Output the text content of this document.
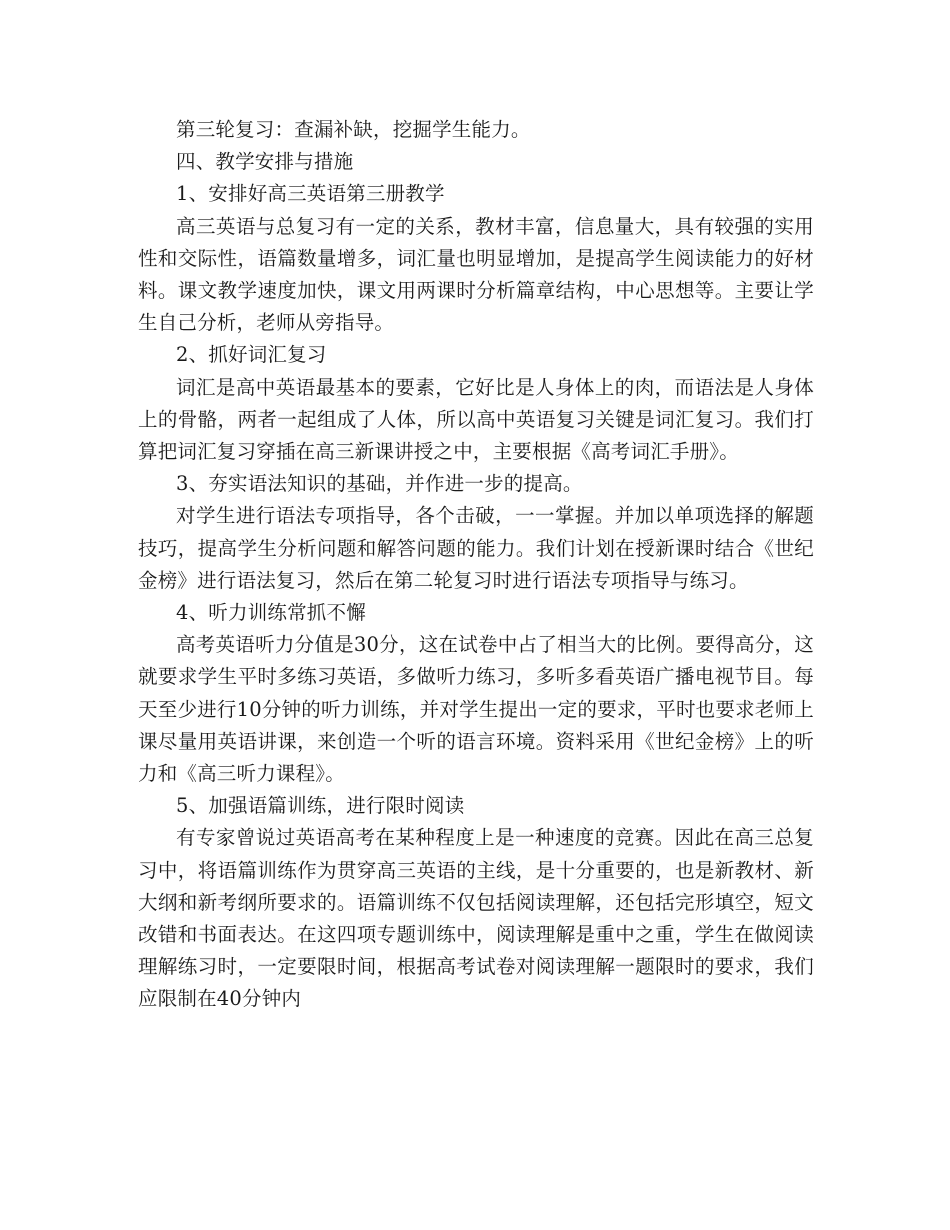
第三轮复习：查漏补缺，挖掘学生能力。

四、教学安排与措施

1、安排好高三英语第三册教学

高三英语与总复习有一定的关系，教材丰富，信息量大，具有较强的实用性和交际性，语篇数量增多，词汇量也明显增加，是提高学生阅读能力的好材料。课文教学速度加快，课文用两课时分析篇章结构，中心思想等。主要让学生自己分析，老师从旁指导。

2、抓好词汇复习

词汇是高中英语最基本的要素，它好比是人身体上的肉，而语法是人身体上的骨骼，两者一起组成了人体，所以高中英语复习关键是词汇复习。我们打算把词汇复习穿插在高三新课讲授之中，主要根据《高考词汇手册》。

3、夯实语法知识的基础，并作进一步的提高。

对学生进行语法专项指导，各个击破，一一掌握。并加以单项选择的解题技巧，提高学生分析问题和解答问题的能力。我们计划在授新课时结合《世纪金榜》进行语法复习，然后在第二轮复习时进行语法专项指导与练习。

4、听力训练常抓不懈

高考英语听力分值是30分，这在试卷中占了相当大的比例。要得高分，这就要求学生平时多练习英语，多做听力练习，多听多看英语广播电视节目。每天至少进行10分钟的听力训练，并对学生提出一定的要求，平时也要求老师上课尽量用英语讲课，来创造一个听的语言环境。资料采用《世纪金榜》上的听力和《高三听力课程》。

5、加强语篇训练，进行限时阅读

有专家曾说过英语高考在某种程度上是一种速度的竞赛。因此在高三总复习中，将语篇训练作为贯穿高三英语的主线，是十分重要的，也是新教材、新大纲和新考纲所要求的。语篇训练不仅包括阅读理解，还包括完形填空，短文改错和书面表达。在这四项专题训练中，阅读理解是重中之重，学生在做阅读理解练习时，一定要限时间，根据高考试卷对阅读理解一题限时的要求，我们应限制在40分钟内
